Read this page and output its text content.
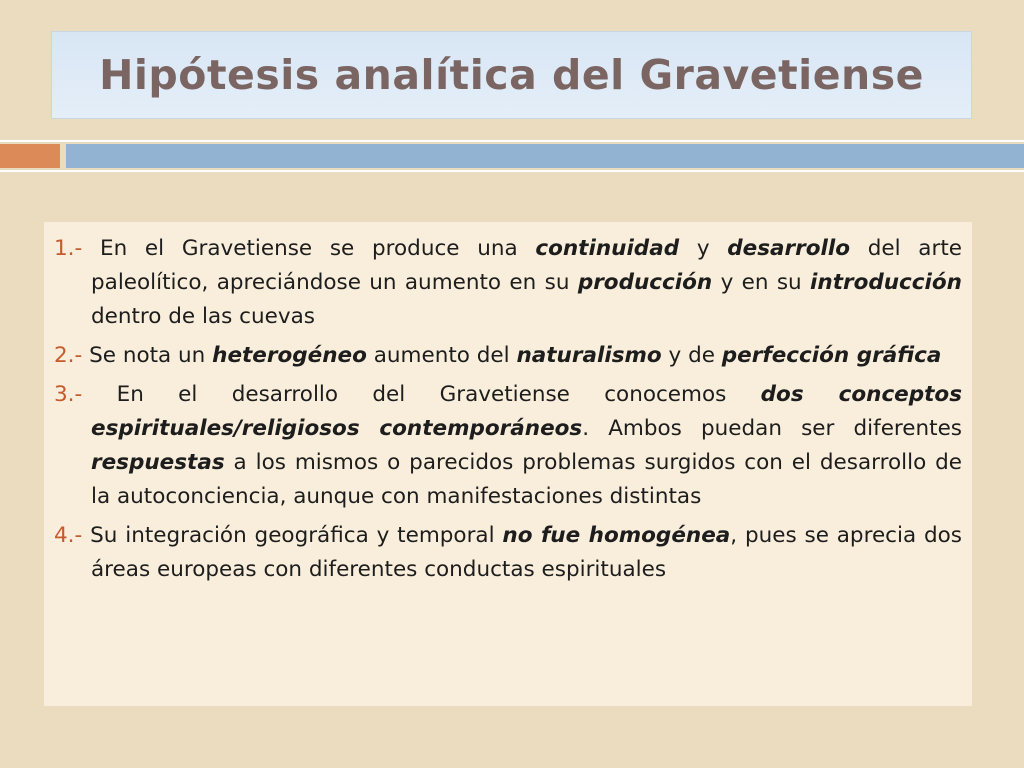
Hipótesis analítica del Gravetiense
1.- En el Gravetiense se produce una continuidad y desarrollo del arte paleolítico, apreciándose un aumento en su producción y en su introducción dentro de las cuevas
2.- Se nota un heterogéneo aumento del naturalismo y de perfección gráfica
3.- En el desarrollo del Gravetiense conocemos dos conceptos espirituales/religiosos contemporáneos. Ambos puedan ser diferentes respuestas a los mismos o parecidos problemas surgidos con el desarrollo de la autoconciencia, aunque con manifestaciones distintas
4.- Su integración geográfica y temporal no fue homogénea, pues se aprecia dos áreas europeas con diferentes conductas espirituales
